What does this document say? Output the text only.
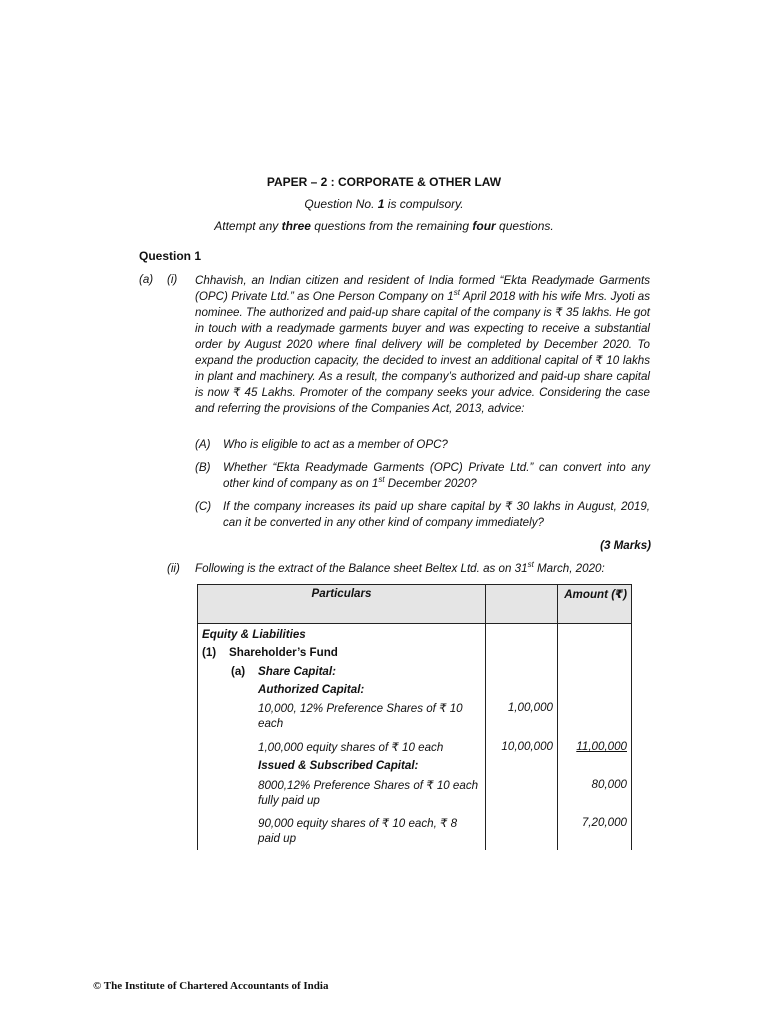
PAPER – 2 : CORPORATE & OTHER LAW
Question No. 1 is compulsory.
Attempt any three questions from the remaining four questions.
Question 1
(a) (i) Chhavish, an Indian citizen and resident of India formed “Ekta Readymade Garments (OPC) Private Ltd.” as One Person Company on 1st April 2018 with his wife Mrs. Jyoti as nominee. The authorized and paid-up share capital of the company is ₹ 35 lakhs. He got in touch with a readymade garments buyer and was expecting to receive a substantial order by August 2020 where final delivery will be completed by December 2020. To expand the production capacity, the decided to invest an additional capital of ₹ 10 lakhs in plant and machinery. As a result, the company’s authorized and paid-up share capital is now ₹ 45 Lakhs. Promoter of the company seeks your advice. Considering the case and referring the provisions of the Companies Act, 2013, advice:

(A) Who is eligible to act as a member of OPC?
(B) Whether “Ekta Readymade Garments (OPC) Private Ltd.” can convert into any other kind of company as on 1st December 2020?
(C) If the company increases its paid up share capital by ₹ 30 lakhs in August, 2019, can it be converted in any other kind of company immediately?
(3 Marks)
(ii) Following is the extract of the Balance sheet Beltex Ltd. as on 31st March, 2020:
Particulars		Amount (₹)
Equity & Liabilities		

(1) Shareholder’s Fund		

(a) Share Capital:		

Authorized Capital:		
10,000, 12% Preference Shares of ₹ 10 each	1,00,000	
1,00,000 equity shares of ₹ 10 each	10,00,000	11,00,000
Issued & Subscribed Capital:		
8000,12% Preference Shares of ₹ 10 each fully paid up		80,000
90,000 equity shares of ₹ 10 each, ₹ 8 paid up		7,20,000
© The Institute of Chartered Accountants of India
